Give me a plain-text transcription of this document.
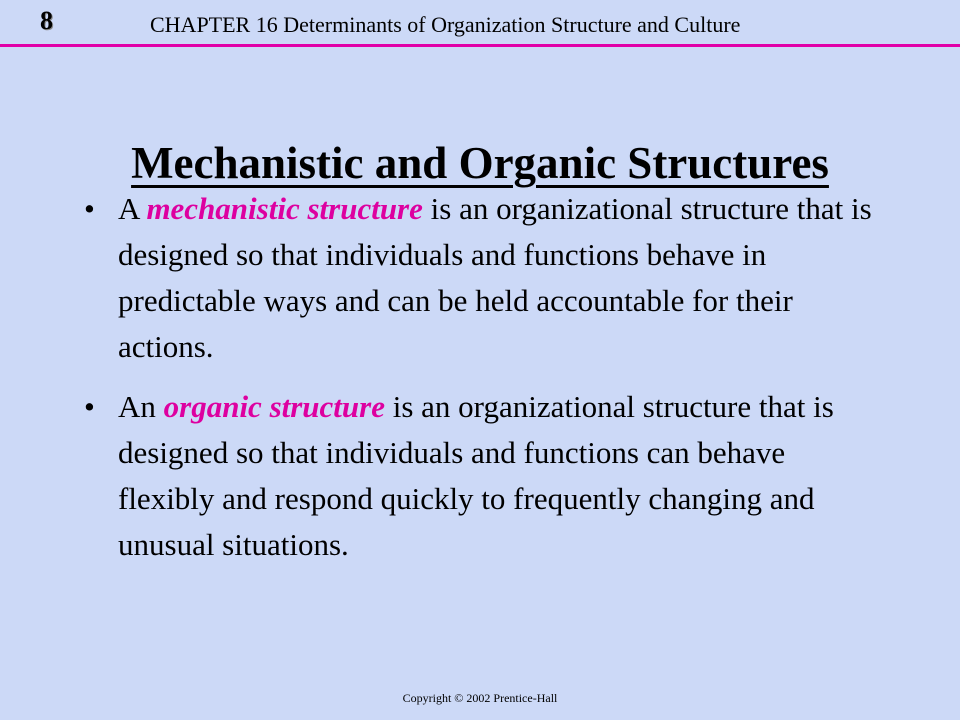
8	CHAPTER 16 Determinants of Organization Structure and Culture
Mechanistic and Organic Structures
• A mechanistic structure is an organizational structure that is designed so that individuals and functions behave in predictable ways and can be held accountable for their actions.
• An organic structure is an organizational structure that is designed so that individuals and functions can behave flexibly and respond quickly to frequently changing and unusual situations.
Copyright © 2002 Prentice-Hall
